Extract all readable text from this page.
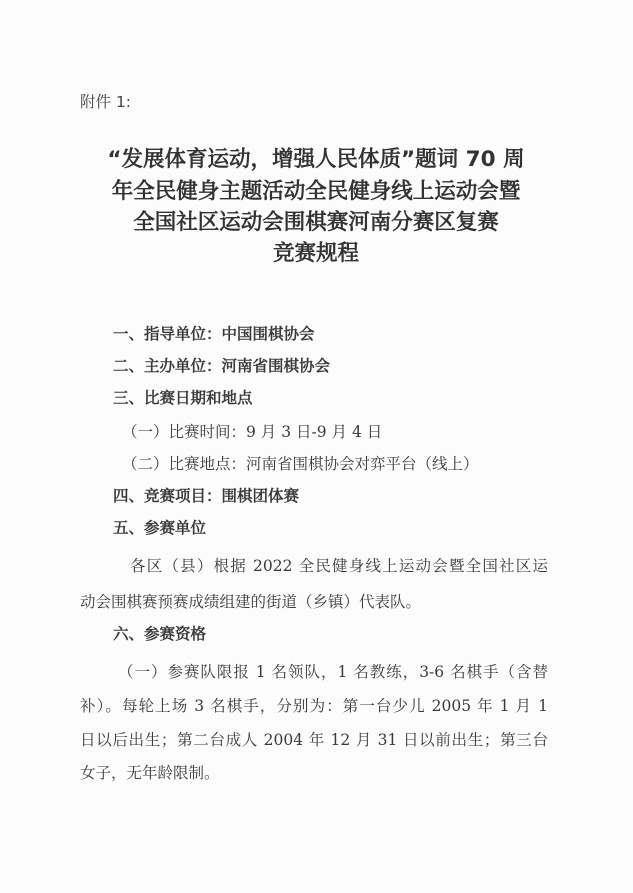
附件 1:
“发展体育运动，增强人民体质”题词 70 周
年全民健身主题活动全民健身线上运动会暨
全国社区运动会围棋赛河南分赛区复赛
竞赛规程
一、指导单位：中国围棋协会
二、主办单位：河南省围棋协会
三、比赛日期和地点
（一）比赛时间：9 月 3 日-9 月 4 日
（二）比赛地点：河南省围棋协会对弈平台（线上）
四、竞赛项目：围棋团体赛
五、参赛单位
各区（县）根据 2022 全民健身线上运动会暨全国社区运
动会围棋赛预赛成绩组建的街道（乡镇）代表队。
六、参赛资格
（一）参赛队限报 1 名领队，1 名教练，3-6 名棋手（含替
补）。每轮上场 3 名棋手，分别为：第一台少儿 2005 年 1 月 1
日以后出生；第二台成人 2004 年 12 月 31 日以前出生；第三台
女子，无年龄限制。
